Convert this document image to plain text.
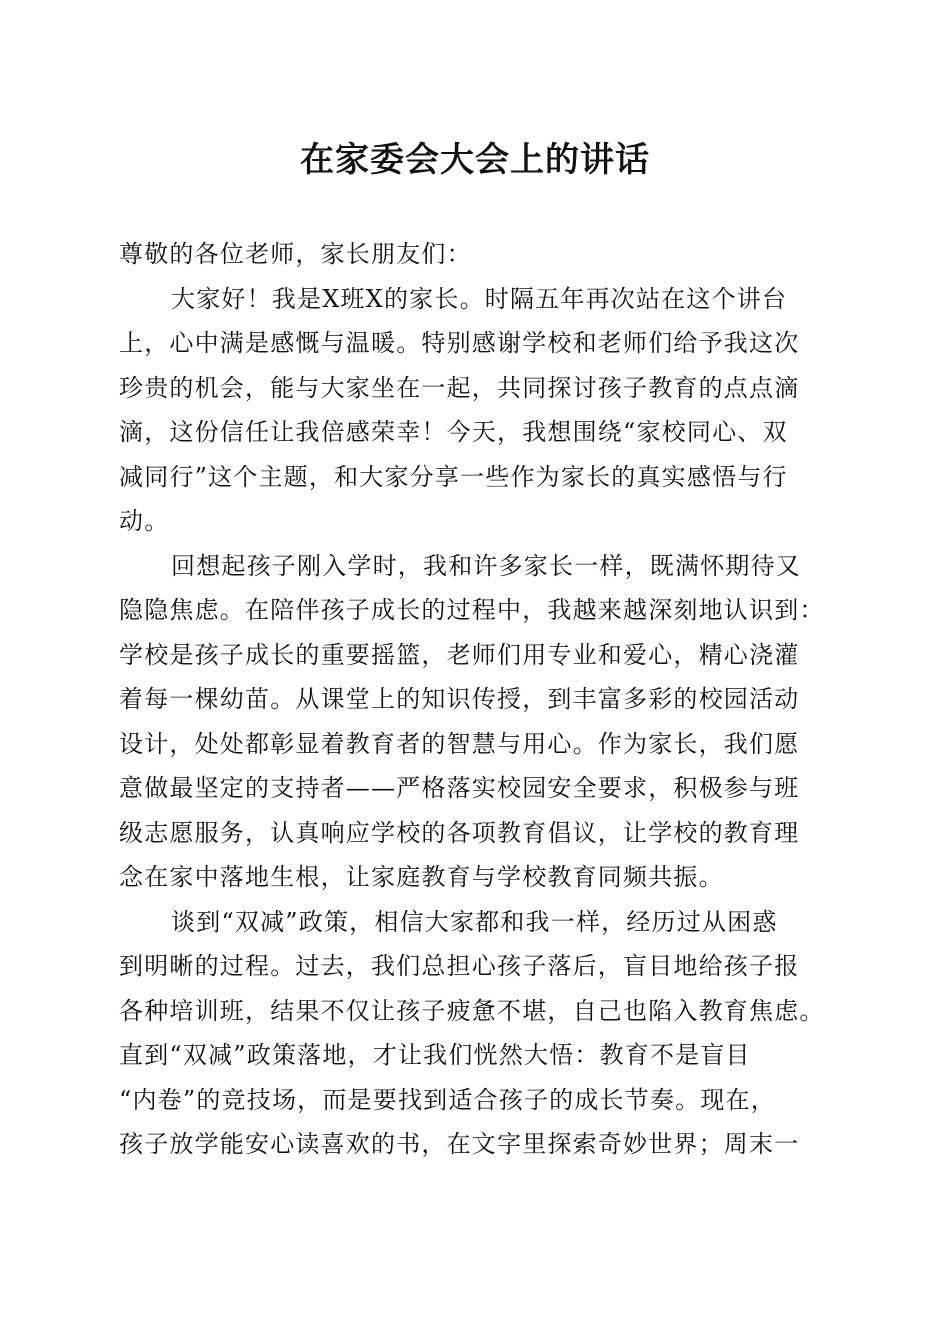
在家委会大会上的讲话
尊敬的各位老师，家长朋友们：
大家好！我是X班X的家长。时隔五年再次站在这个讲台
上，心中满是感慨与温暖。特别感谢学校和老师们给予我这次
珍贵的机会，能与大家坐在一起，共同探讨孩子教育的点点滴
滴，这份信任让我倍感荣幸！今天，我想围绕“家校同心、双
减同行”这个主题，和大家分享一些作为家长的真实感悟与行
动。
回想起孩子刚入学时，我和许多家长一样，既满怀期待又
隐隐焦虑。在陪伴孩子成长的过程中，我越来越深刻地认识到：
学校是孩子成长的重要摇篮，老师们用专业和爱心，精心浇灌
着每一棵幼苗。从课堂上的知识传授，到丰富多彩的校园活动
设计，处处都彰显着教育者的智慧与用心。作为家长，我们愿
意做最坚定的支持者——严格落实校园安全要求，积极参与班
级志愿服务，认真响应学校的各项教育倡议，让学校的教育理
念在家中落地生根，让家庭教育与学校教育同频共振。
谈到“双减”政策，相信大家都和我一样，经历过从困惑
到明晰的过程。过去，我们总担心孩子落后，盲目地给孩子报
各种培训班，结果不仅让孩子疲惫不堪，自己也陷入教育焦虑。
直到“双减”政策落地，才让我们恍然大悟：教育不是盲目
“内卷”的竞技场，而是要找到适合孩子的成长节奏。现在，
孩子放学能安心读喜欢的书，在文字里探索奇妙世界；周末一
